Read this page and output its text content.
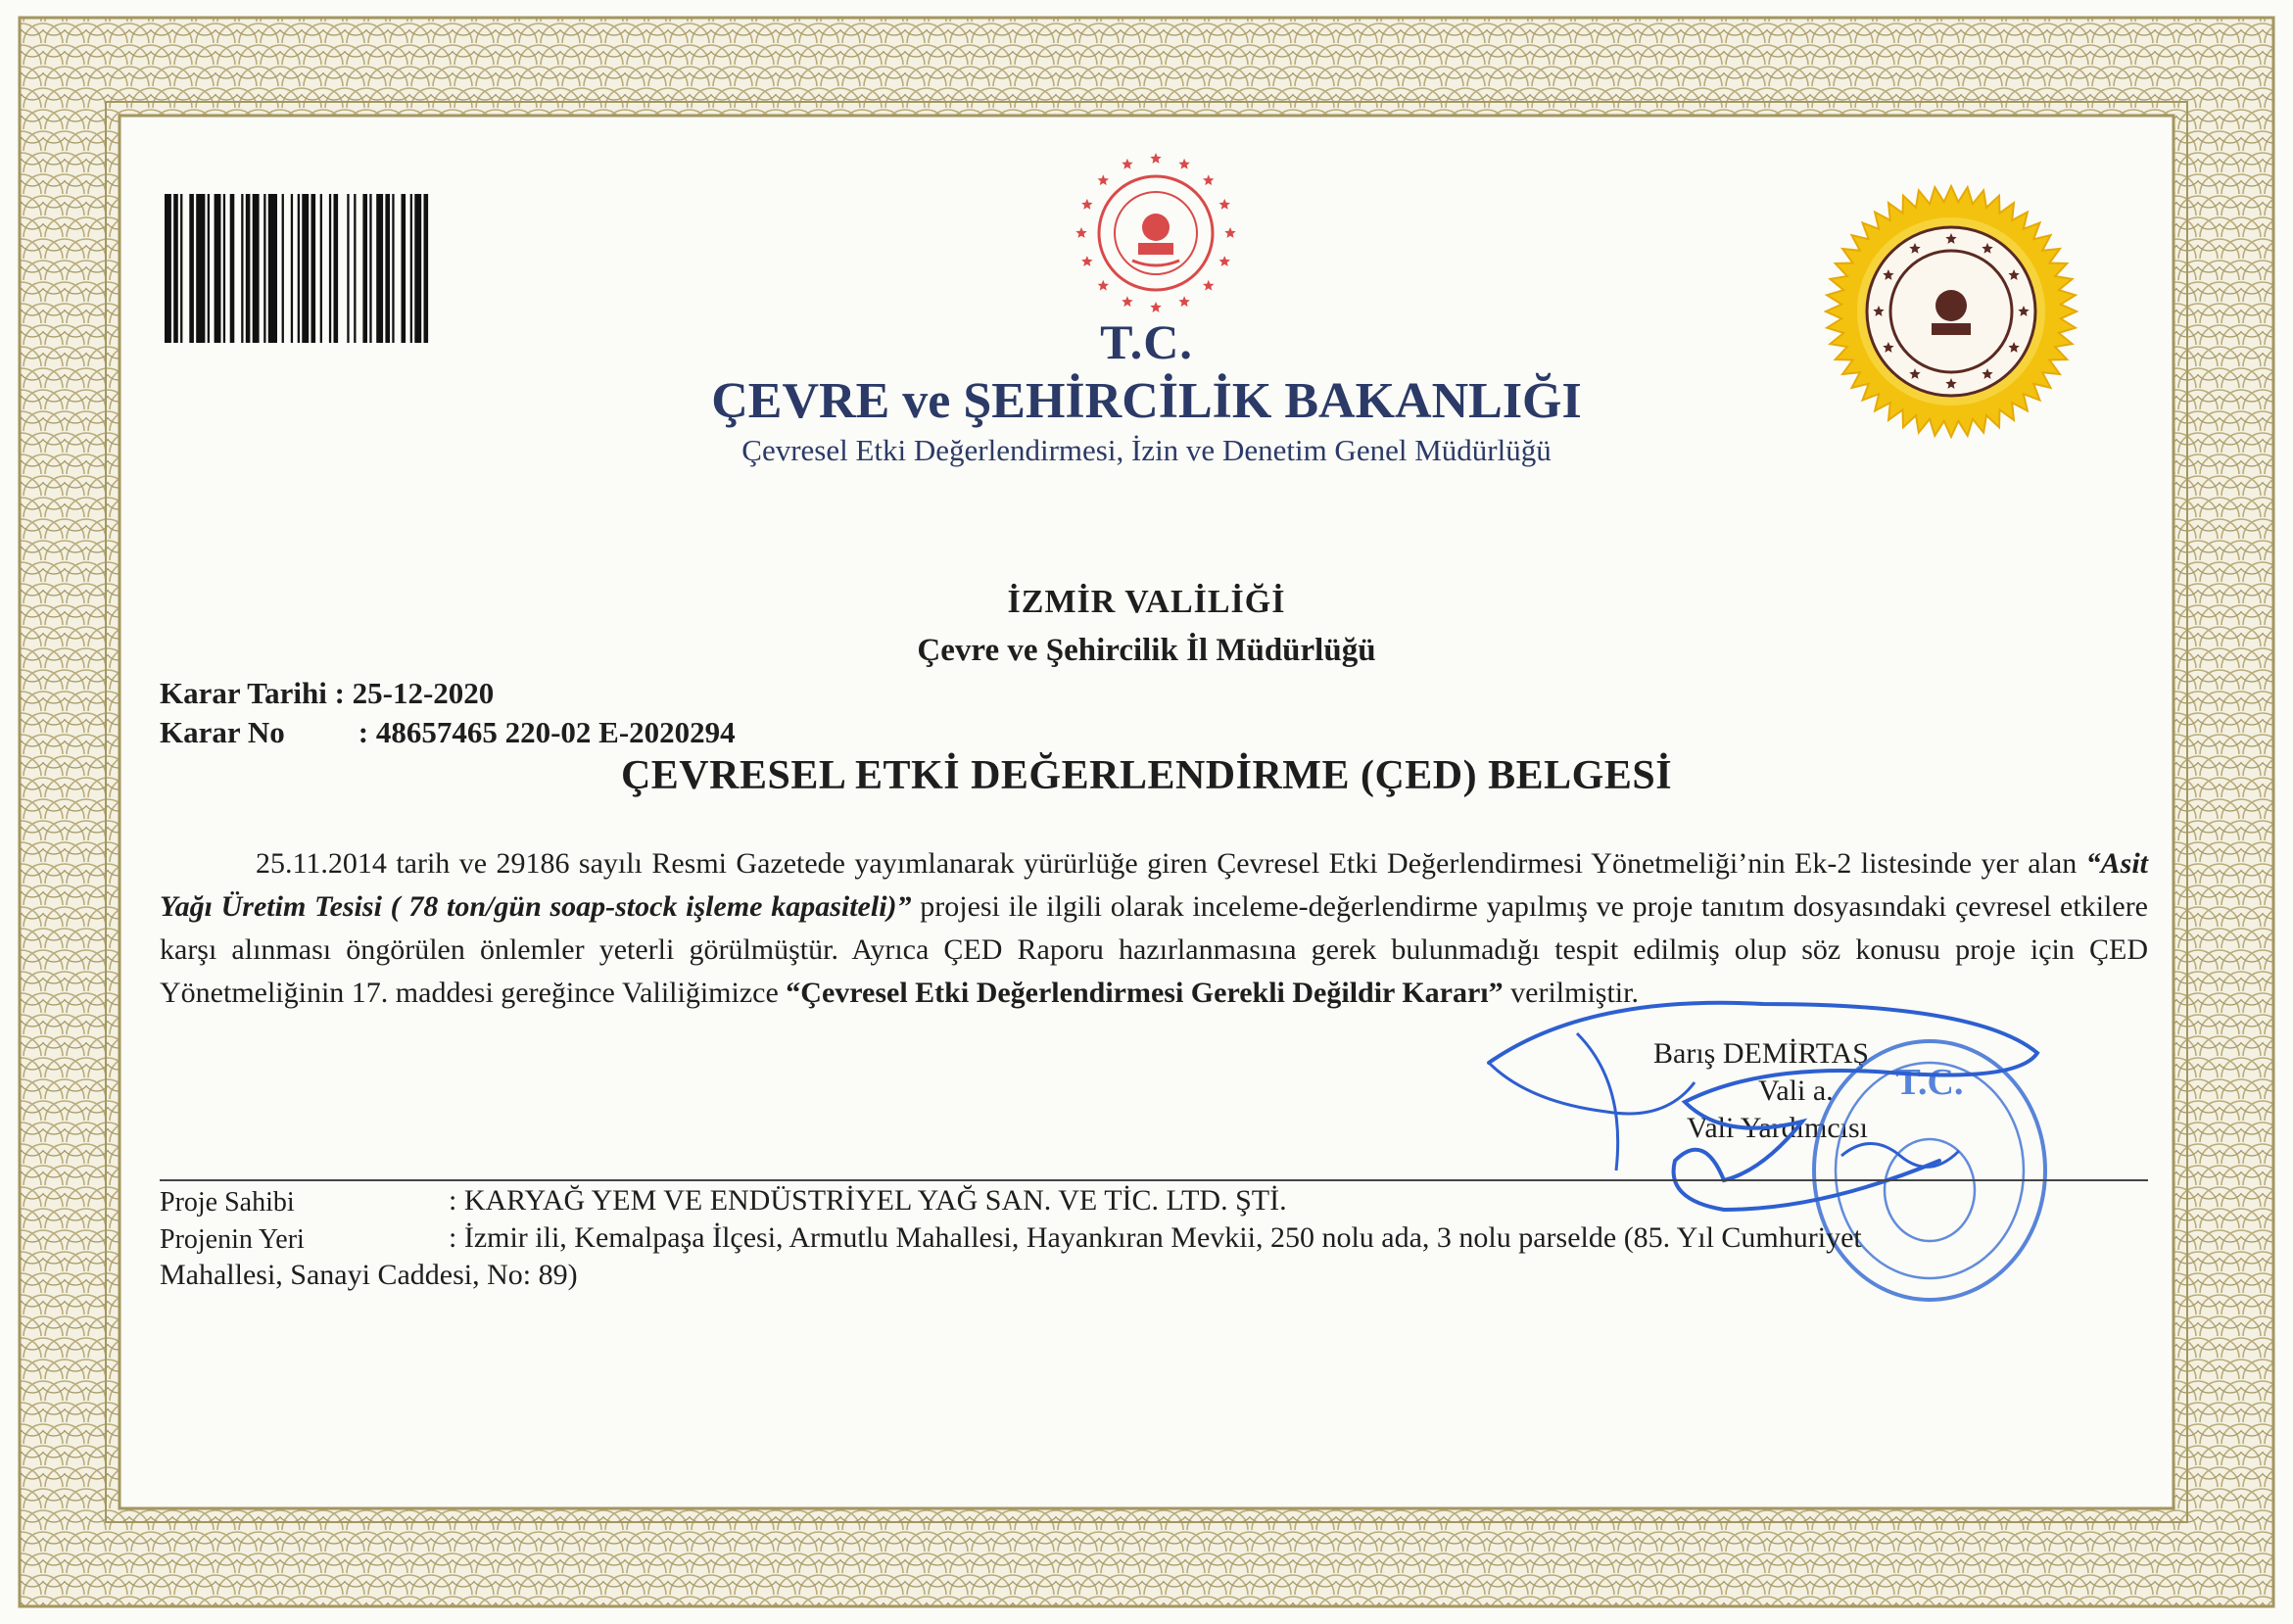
T.C.
ÇEVRE ve ŞEHİRCİLİK BAKANLIĞI
Çevresel Etki Değerlendirmesi, İzin ve Denetim Genel Müdürlüğü
İZMİR VALİLİĞİ
Çevre ve Şehircilik İl Müdürlüğü
Karar Tarihi : 25-12-2020
Karar No : 48657465 220-02 E-2020294
ÇEVRESEL ETKİ DEĞERLENDİRME (ÇED) BELGESİ
25.11.2014 tarih ve 29186 sayılı Resmi Gazetede yayımlanarak yürürlüğe giren Çevresel Etki Değerlendirmesi Yönetmeliği’nin Ek-2 listesinde yer alan “Asit Yağı Üretim Tesisi ( 78 ton/gün soap-stock işleme kapasiteli)” projesi ile ilgili olarak inceleme-değerlendirme yapılmış ve proje tanıtım dosyasındaki çevresel etkilere karşı alınması öngörülen önlemler yeterli görülmüştür. Ayrıca ÇED Raporu hazırlanmasına gerek bulunmadığı tespit edilmiş olup söz konusu proje için ÇED Yönetmeliğinin 17. maddesi gereğince Valiliğimizce “Çevresel Etki Değerlendirmesi Gerekli Değildir Kararı” verilmiştir.
Barış DEMİRTAŞ
Vali a.
Vali Yardımcısı
T.C.
Proje Sahibi	: KARYAĞ YEM VE ENDÜSTRİYEL YAĞ SAN. VE TİC. LTD. ŞTİ.
Projenin Yeri	: İzmir ili, Kemalpaşa İlçesi, Armutlu Mahallesi, Hayankıran Mevkii, 250 nolu ada, 3 nolu parselde (85. Yıl Cumhuriyet
Mahallesi, Sanayi Caddesi, No: 89)
